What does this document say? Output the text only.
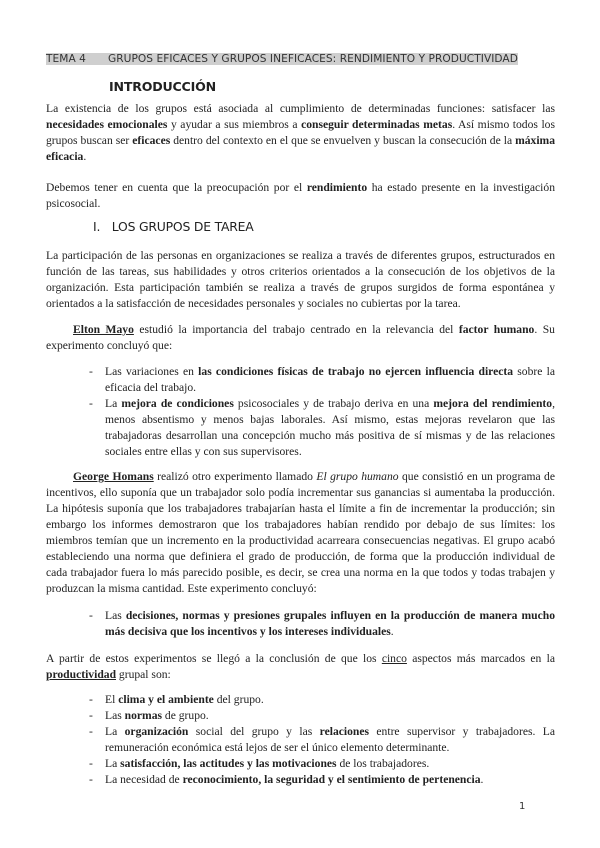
TEMA 4 GRUPOS EFICACES Y GRUPOS INEFICACES: RENDIMIENTO Y PRODUCTIVIDAD
INTRODUCCIÓN

La existencia de los grupos está asociada al cumplimiento de determinadas funciones: satisfacer las necesidades emocionales y ayudar a sus miembros a conseguir determinadas metas. Así mismo todos los grupos buscan ser eficaces dentro del contexto en el que se envuelven y buscan la consecución de la máxima eficacia.

Debemos tener en cuenta que la preocupación por el rendimiento ha estado presente en la investigación psicosocial.

I. LOS GRUPOS DE TAREA

La participación de las personas en organizaciones se realiza a través de diferentes grupos, estructurados en función de las tareas, sus habilidades y otros criterios orientados a la consecución de los objetivos de la organización. Esta participación también se realiza a través de grupos surgidos de forma espontánea y orientados a la satisfacción de necesidades personales y sociales no cubiertas por la tarea.

Elton Mayo estudió la importancia del trabajo centrado en la relevancia del factor humano. Su experimento concluyó que:

- Las variaciones en las condiciones físicas de trabajo no ejercen influencia directa sobre la eficacia del trabajo.
- La mejora de condiciones psicosociales y de trabajo deriva en una mejora del rendimiento, menos absentismo y menos bajas laborales. Así mismo, estas mejoras revelaron que las trabajadoras desarrollan una concepción mucho más positiva de sí mismas y de las relaciones sociales entre ellas y con sus supervisores.

George Homans realizó otro experimento llamado El grupo humano que consistió en un programa de incentivos, ello suponía que un trabajador solo podía incrementar sus ganancias si aumentaba la producción. La hipótesis suponía que los trabajadores trabajarían hasta el límite a fin de incrementar la producción; sin embargo los informes demostraron que los trabajadores habían rendido por debajo de sus límites: los miembros temían que un incremento en la productividad acarreara consecuencias negativas. El grupo acabó estableciendo una norma que definiera el grado de producción, de forma que la producción individual de cada trabajador fuera lo más parecido posible, es decir, se crea una norma en la que todos y todas trabajen y produzcan la misma cantidad. Este experimento concluyó:

- Las decisiones, normas y presiones grupales influyen en la producción de manera mucho más decisiva que los incentivos y los intereses individuales.

A partir de estos experimentos se llegó a la conclusión de que los cinco aspectos más marcados en la productividad grupal son:

- El clima y el ambiente del grupo.
- Las normas de grupo.
- La organización social del grupo y las relaciones entre supervisor y trabajadores. La remuneración económica está lejos de ser el único elemento determinante.
- La satisfacción, las actitudes y las motivaciones de los trabajadores.
- La necesidad de reconocimiento, la seguridad y el sentimiento de pertenencia.
1
